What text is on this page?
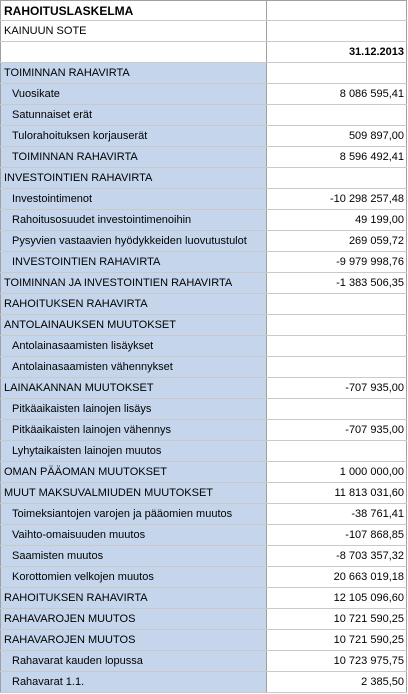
RAHOITUSLASKELMA
KAINUUN SOTE
31.12.2013
TOIMINNAN RAHAVIRTA
Vuosikate	8 086 595,41
Satunnaiset erät
Tulorahoituksen korjauserät	509 897,00
TOIMINNAN RAHAVIRTA	8 596 492,41
INVESTOINTIEN RAHAVIRTA
Investointimenot	-10 298 257,48
Rahoitusosuudet investointimenoihin	49 199,00
Pysyvien vastaavien hyödykkeiden luovutustulot	269 059,72
INVESTOINTIEN RAHAVIRTA	-9 979 998,76
TOIMINNAN JA INVESTOINTIEN RAHAVIRTA	-1 383 506,35
RAHOITUKSEN RAHAVIRTA
ANTOLAINAUKSEN MUUTOKSET
Antolainasaamisten lisäykset
Antolainasaamisten vähennykset
LAINAKANNAN MUUTOKSET	-707 935,00
Pitkäaikaisten lainojen lisäys
Pitkäaikaisten lainojen vähennys	-707 935,00
Lyhytaikaisten lainojen muutos
OMAN PÄÄOMAN MUUTOKSET	1 000 000,00
MUUT MAKSUVALMIUDEN MUUTOKSET	11 813 031,60
Toimeksiantojen varojen ja pääomien muutos	-38 761,41
Vaihto-omaisuuden muutos	-107 868,85
Saamisten muutos	-8 703 357,32
Korottomien velkojen muutos	20 663 019,18
RAHOITUKSEN RAHAVIRTA	12 105 096,60
RAHAVAROJEN MUUTOS	10 721 590,25
RAHAVAROJEN MUUTOS	10 721 590,25
Rahavarat kauden lopussa	10 723 975,75
Rahavarat 1.1.	2 385,50
